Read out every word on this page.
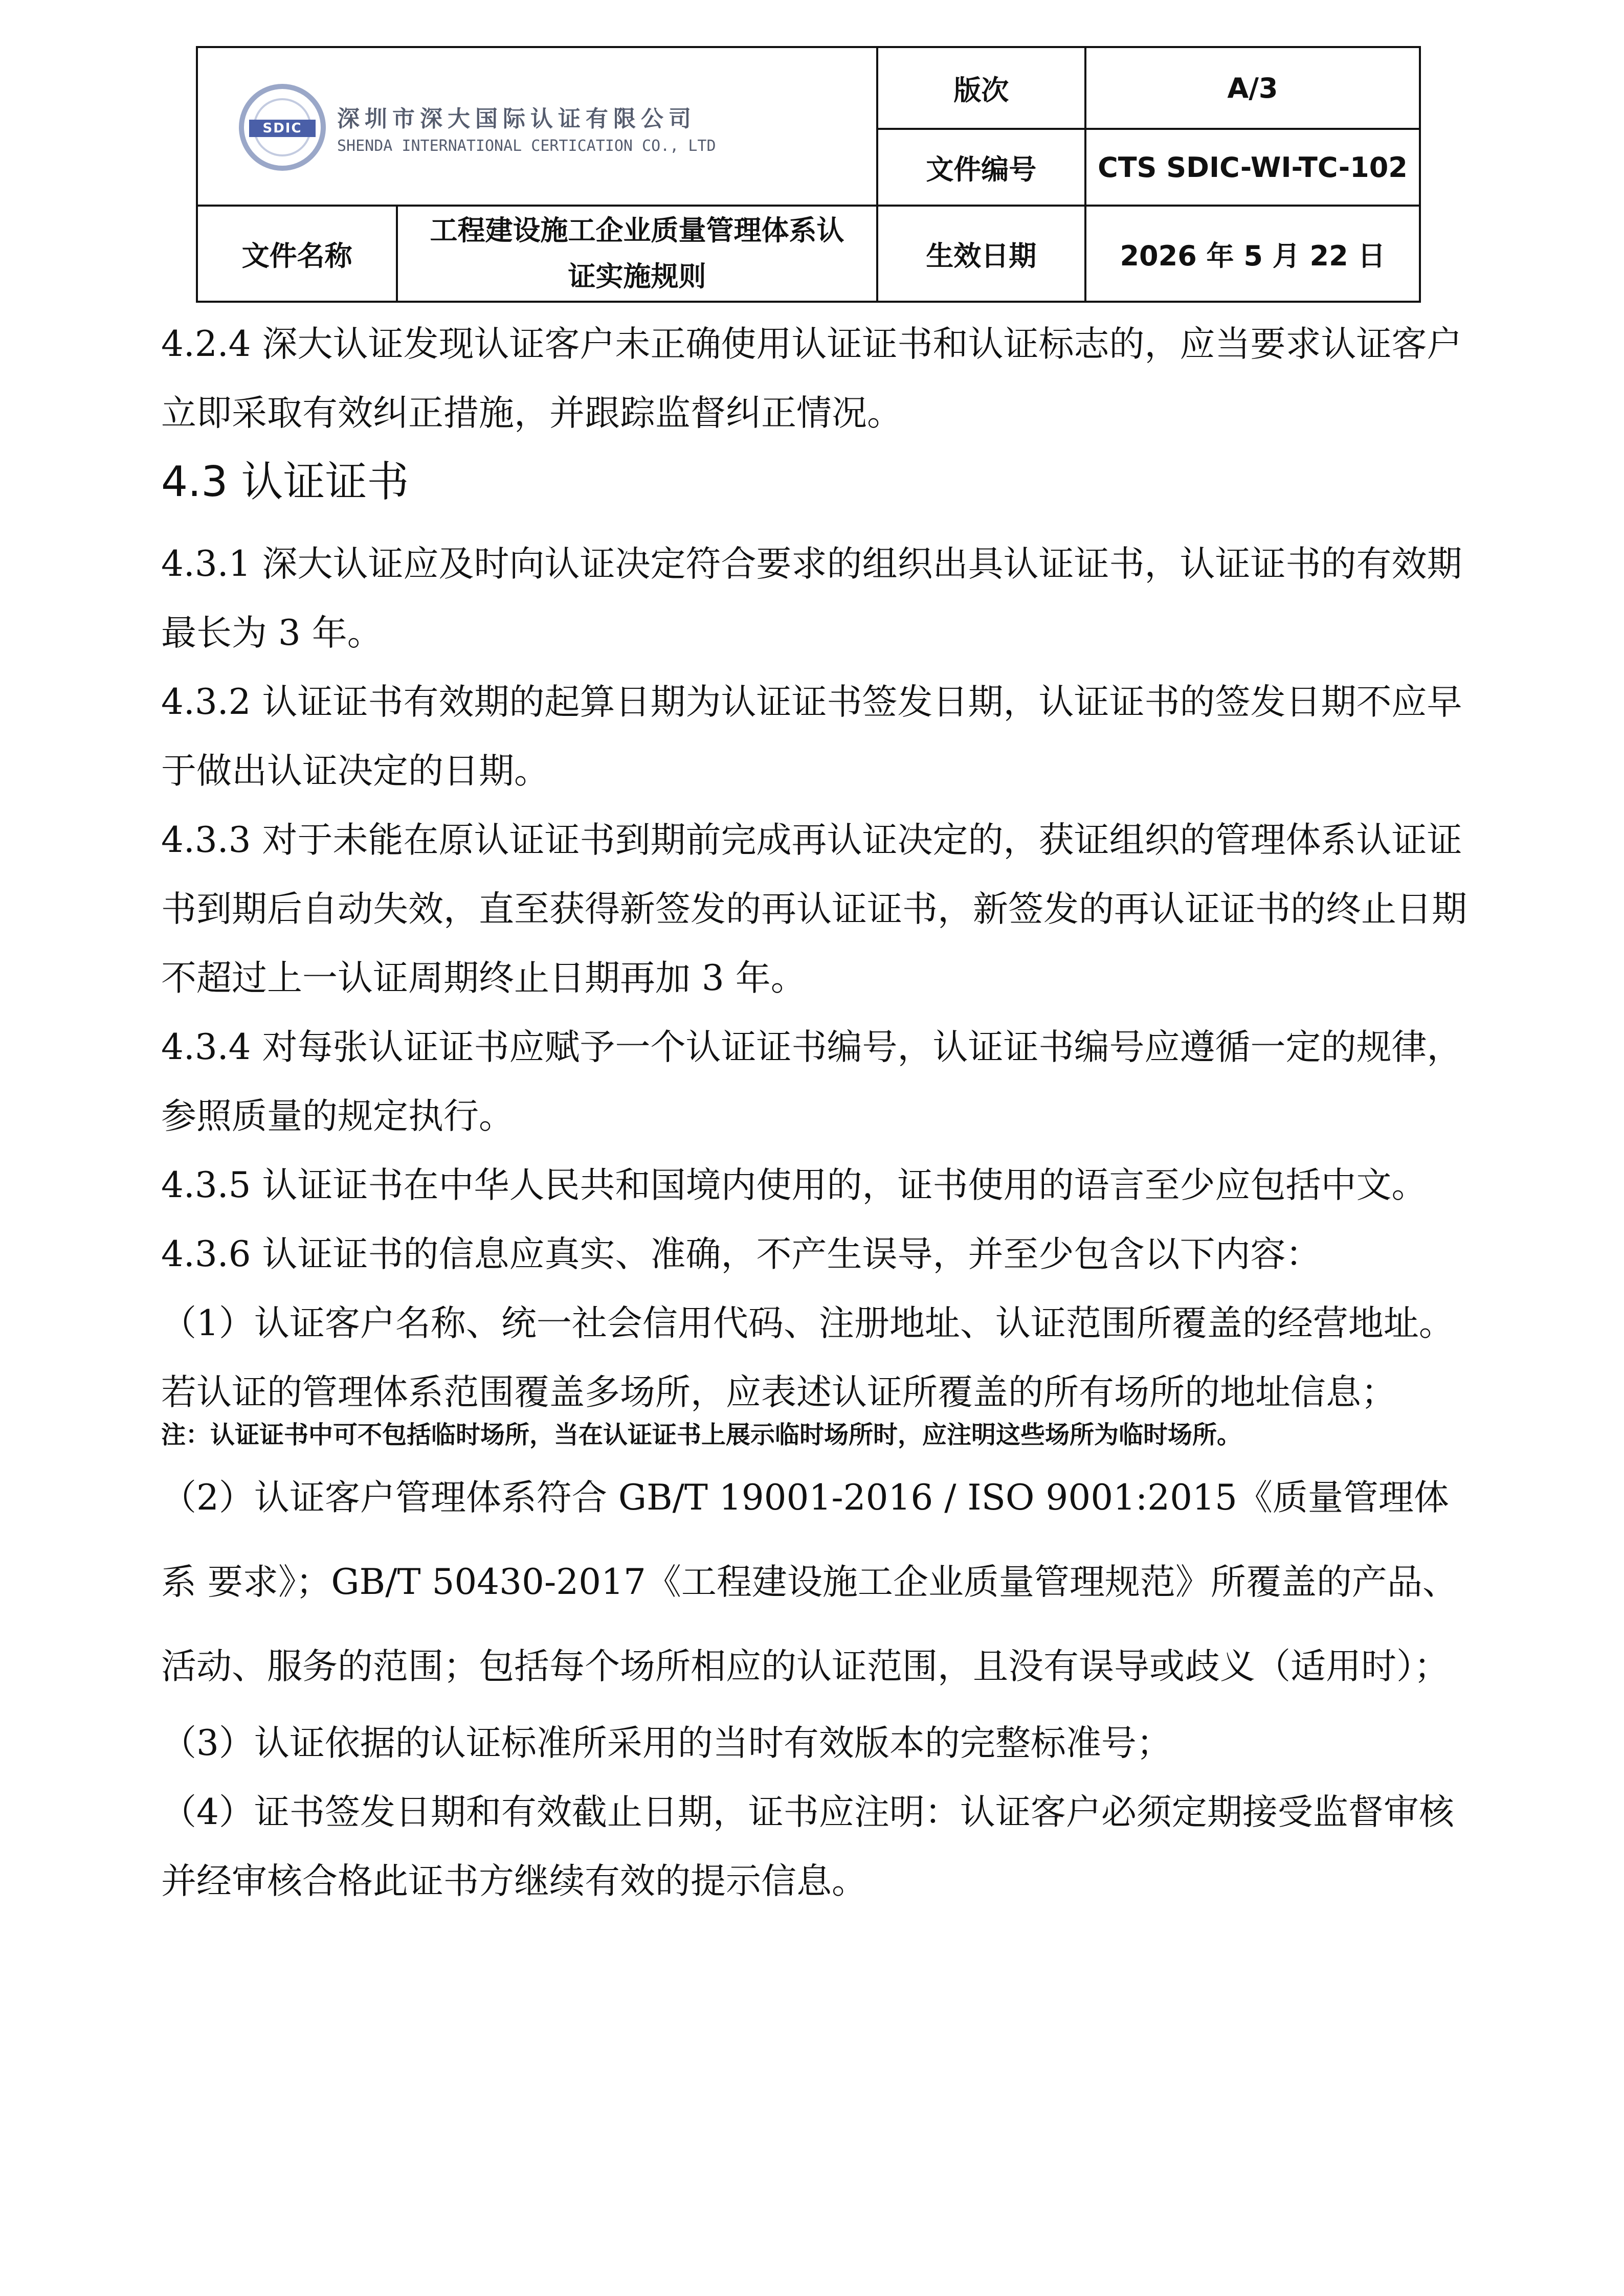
SDIC 深圳市深大国际认证有限公司
SHENDA INTERNATIONAL CERTICATION CO., LTD		版次	A/3
		文件编号	CTS SDIC-WI-TC-102
文件名称	工程建设施工企业质量管理体系认证实施规则	生效日期	2026 年 5 月 22 日

4.2.4 深大认证发现认证客户未正确使用认证证书和认证标志的，应当要求认证客户立即采取有效纠正措施，并跟踪监督纠正情况。

4.3 认证证书

4.3.1 深大认证应及时向认证决定符合要求的组织出具认证证书，认证证书的有效期最长为 3 年。

4.3.2 认证证书有效期的起算日期为认证证书签发日期，认证证书的签发日期不应早于做出认证决定的日期。

4.3.3 对于未能在原认证证书到期前完成再认证决定的，获证组织的管理体系认证证书到期后自动失效，直至获得新签发的再认证证书，新签发的再认证证书的终止日期不超过上一认证周期终止日期再加 3 年。

4.3.4 对每张认证证书应赋予一个认证证书编号，认证证书编号应遵循一定的规律，参照质量的规定执行。

4.3.5 认证证书在中华人民共和国境内使用的，证书使用的语言至少应包括中文。

4.3.6 认证证书的信息应真实、准确，不产生误导，并至少包含以下内容：

（1）认证客户名称、统一社会信用代码、注册地址、认证范围所覆盖的经营地址。若认证的管理体系范围覆盖多场所，应表述认证所覆盖的所有场所的地址信息；

注：认证证书中可不包括临时场所，当在认证证书上展示临时场所时，应注明这些场所为临时场所。

（2）认证客户管理体系符合 GB/T 19001-2016 / ISO 9001:2015《质量管理体系 要求》；GB/T 50430-2017《工程建设施工企业质量管理规范》所覆盖的产品、活动、服务的范围；包括每个场所相应的认证范围，且没有误导或歧义（适用时）；

（3）认证依据的认证标准所采用的当时有效版本的完整标准号；

（4）证书签发日期和有效截止日期，证书应注明：认证客户必须定期接受监督审核并经审核合格此证书方继续有效的提示信息。
